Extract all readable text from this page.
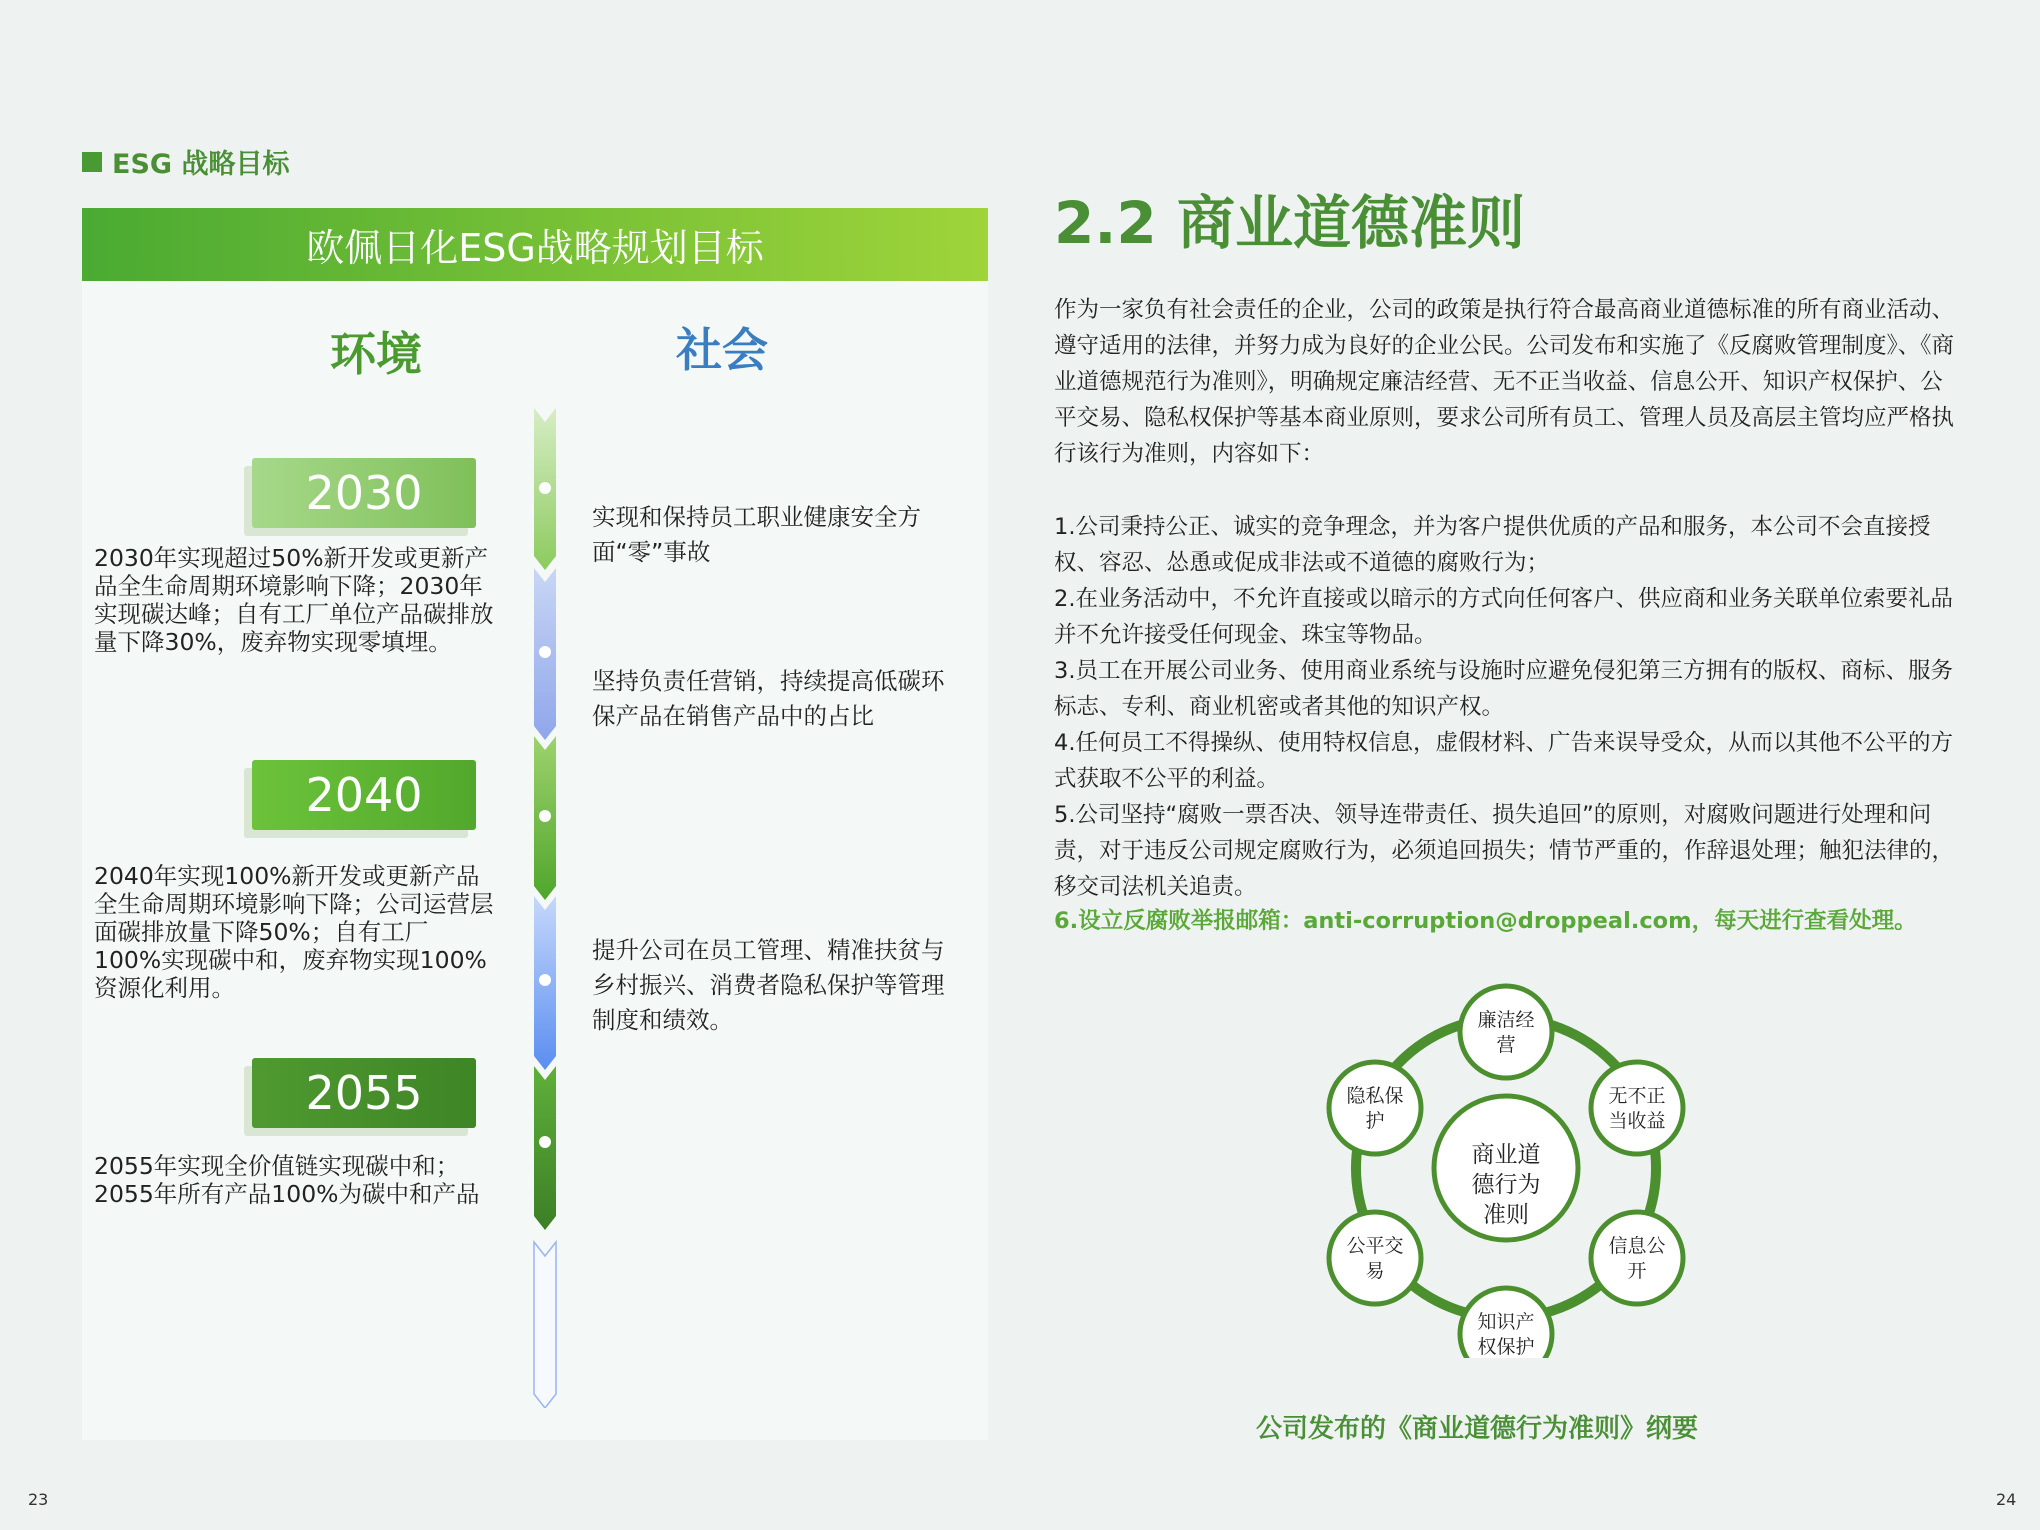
ESG 战略目标
欧佩日化ESG战略规划目标
环境	社会
2030
2040
2055
2030年实现超过50%新开发或更新产品全生命周期环境影响下降；2030年实现碳达峰；自有工厂单位产品碳排放量下降30%，废弃物实现零填埋。
2040年实现100%新开发或更新产品全生命周期环境影响下降；公司运营层面碳排放量下降50%；自有工厂100%实现碳中和，废弃物实现100%资源化利用。
2055年实现全价值链实现碳中和；2055年所有产品100%为碳中和产品
实现和保持员工职业健康安全方面“零”事故
坚持负责任营销，持续提高低碳环保产品在销售产品中的占比
提升公司在员工管理、精准扶贫与乡村振兴、消费者隐私保护等管理制度和绩效。
23
2.2 商业道德准则
作为一家负有社会责任的企业，公司的政策是执行符合最高商业道德标准的所有商业活动、遵守适用的法律，并努力成为良好的企业公民。公司发布和实施了《反腐败管理制度》、《商业道德规范行为准则》，明确规定廉洁经营、无不正当收益、信息公开、知识产权保护、公平交易、隐私权保护等基本商业原则，要求公司所有员工、管理人员及高层主管均应严格执行该行为准则，内容如下：
1.公司秉持公正、诚实的竞争理念，并为客户提供优质的产品和服务，本公司不会直接授权、容忍、怂恿或促成非法或不道德的腐败行为；
2.在业务活动中，不允许直接或以暗示的方式向任何客户、供应商和业务关联单位索要礼品并不允许接受任何现金、珠宝等物品。
3.员工在开展公司业务、使用商业系统与设施时应避免侵犯第三方拥有的版权、商标、服务标志、专利、商业机密或者其他的知识产权。
4.任何员工不得操纵、使用特权信息，虚假材料、广告来误导受众，从而以其他不公平的方式获取不公平的利益。
5.公司坚持“腐败一票否决、领导连带责任、损失追回”的原则，对腐败问题进行处理和问责，对于违反公司规定腐败行为，必须追回损失；情节严重的，作辞退处理；触犯法律的，移交司法机关追责。
6.设立反腐败举报邮箱：anti-corruption@droppeal.com，每天进行查看处理。
商业道
德行为
准则
廉洁经
营
无不正
当收益
信息公
开
知识产
权保护
公平交
易
隐私保
护
公司发布的《商业道德行为准则》纲要
24
